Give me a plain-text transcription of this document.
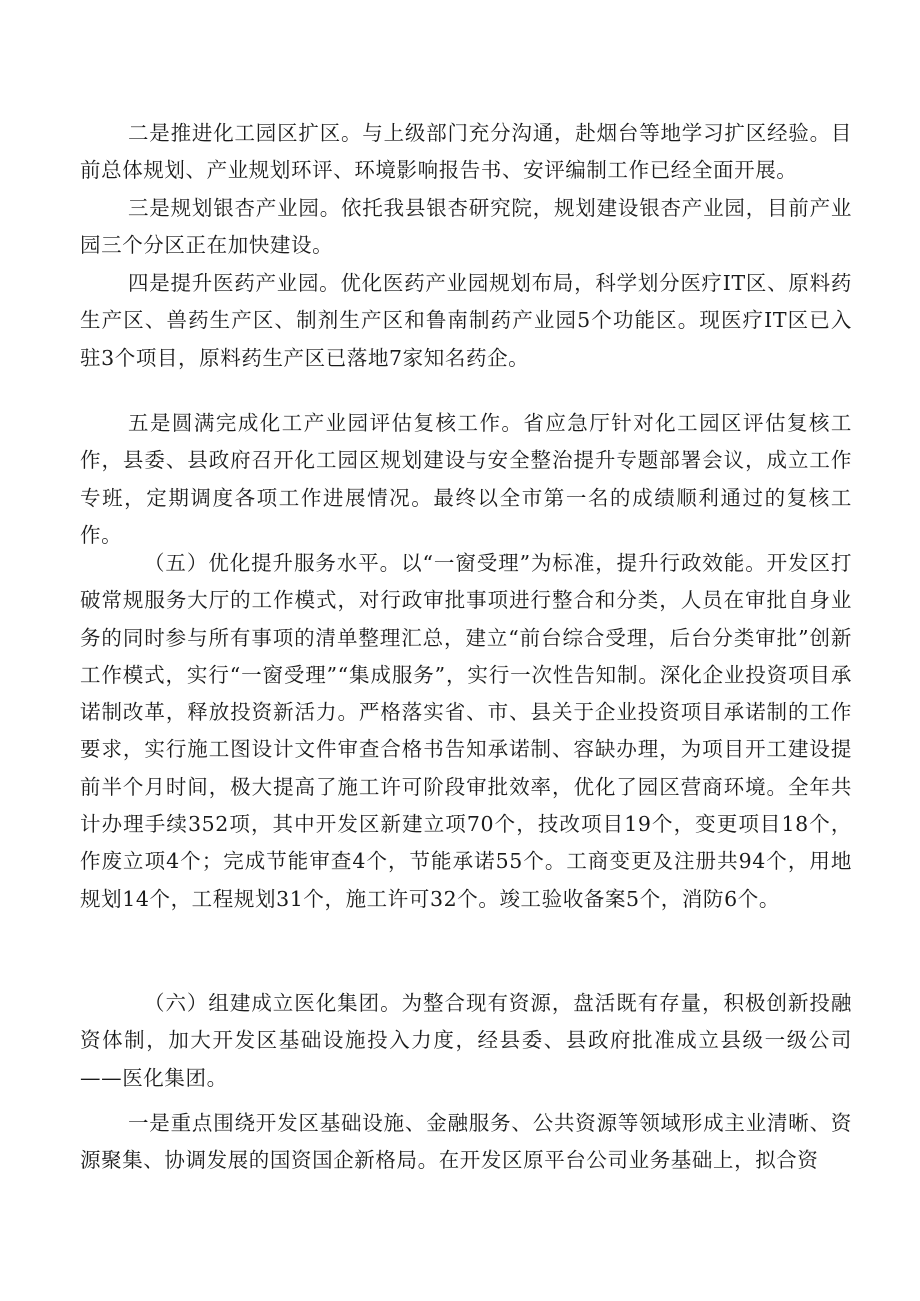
二是推进化工园区扩区。与上级部门充分沟通，赴烟台等地学习扩区经验。目前总体规划、产业规划环评、环境影响报告书、安评编制工作已经全面开展。

三是规划银杏产业园。依托我县银杏研究院，规划建设银杏产业园，目前产业园三个分区正在加快建设。

四是提升医药产业园。优化医药产业园规划布局，科学划分医疗IT区、原料药生产区、兽药生产区、制剂生产区和鲁南制药产业园5个功能区。现医疗IT区已入驻3个项目，原料药生产区已落地7家知名药企。

五是圆满完成化工产业园评估复核工作。省应急厅针对化工园区评估复核工作，县委、县政府召开化工园区规划建设与安全整治提升专题部署会议，成立工作专班，定期调度各项工作进展情况。最终以全市第一名的成绩顺利通过的复核工作。

（五）优化提升服务水平。以“一窗受理”为标准，提升行政效能。开发区打破常规服务大厅的工作模式，对行政审批事项进行整合和分类，人员在审批自身业务的同时参与所有事项的清单整理汇总，建立“前台综合受理，后台分类审批”创新工作模式，实行“一窗受理”“集成服务”，实行一次性告知制。深化企业投资项目承诺制改革，释放投资新活力。严格落实省、市、县关于企业投资项目承诺制的工作要求，实行施工图设计文件审查合格书告知承诺制、容缺办理，为项目开工建设提前半个月时间，极大提高了施工许可阶段审批效率，优化了园区营商环境。全年共计办理手续352项，其中开发区新建立项70个，技改项目19个，变更项目18个，作废立项4个；完成节能审查4个，节能承诺55个。工商变更及注册共94个，用地规划14个，工程规划31个，施工许可32个。竣工验收备案5个，消防6个。

（六）组建成立医化集团。为整合现有资源，盘活既有存量，积极创新投融资体制，加大开发区基础设施投入力度，经县委、县政府批准成立县级一级公司——医化集团。

一是重点围绕开发区基础设施、金融服务、公共资源等领域形成主业清晰、资源聚集、协调发展的国资国企新格局。在开发区原平台公司业务基础上，拟合资
